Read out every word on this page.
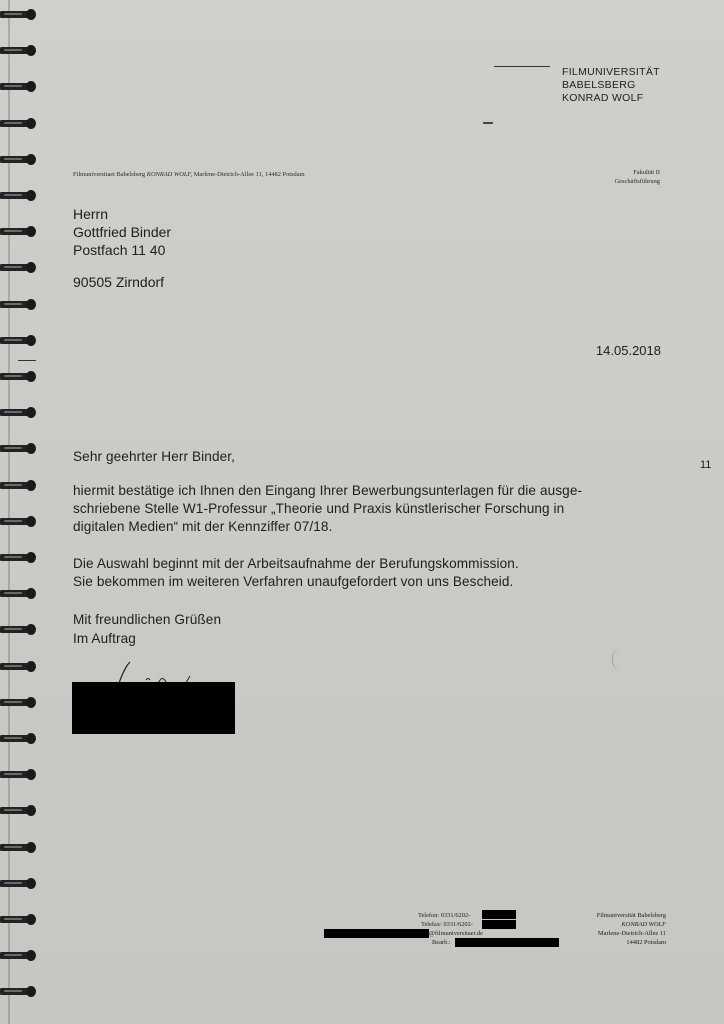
FILMUNIVERSITÄT
BABELSBERG
KONRAD WOLF
Filmuniversitaet Babelsberg KONRAD WOLF, Marlene-Dietrich-Allee 11, 14482 Potsdam	Fakultät II
Geschäftsführung
Herrn
Gottfried Binder
Postfach 11 40
90505 Zirndorf
14.05.2018
11
Sehr geehrter Herr Binder,
hiermit bestätige ich Ihnen den Eingang Ihrer Bewerbungsunterlagen für die ausge-
schriebene Stelle W1-Professur „Theorie und Praxis künstlerischer Forschung in
digitalen Medien“ mit der Kennziffer 07/18.
Die Auswahl beginnt mit der Arbeitsaufnahme der Berufungskommission.
Sie bekommen im weiteren Verfahren unaufgefordert von uns Bescheid.
Mit freundlichen Grüßen
Im Auftrag
Telefon: 0331/6202-
Telefax: 0331/6202-
@filmuniversitaet.de
Bearb.:
Filmuniversität Babelsberg
KONRAD WOLF
Marlene-Dietrich-Allee 11
14482 Potsdam
